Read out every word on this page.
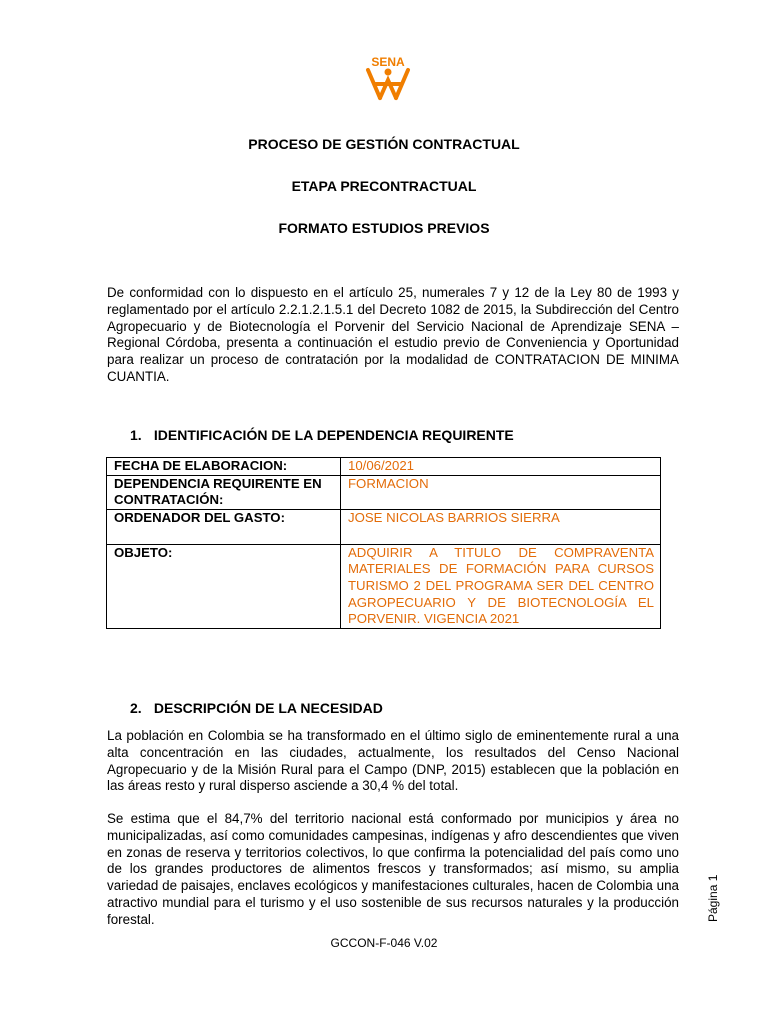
SENA
PROCESO DE GESTIÓN CONTRACTUAL
ETAPA PRECONTRACTUAL
FORMATO ESTUDIOS PREVIOS

De conformidad con lo dispuesto en el artículo 25, numerales 7 y 12 de la Ley 80 de 1993 y reglamentado por el artículo 2.2.1.2.1.5.1 del Decreto 1082 de 2015, la Subdirección del Centro Agropecuario y de Biotecnología el Porvenir del Servicio Nacional de Aprendizaje SENA – Regional Córdoba, presenta a continuación el estudio previo de Conveniencia y Oportunidad para realizar un proceso de contratación por la modalidad de CONTRATACION DE MINIMA CUANTIA.

1. IDENTIFICACIÓN DE LA DEPENDENCIA REQUIRENTE
FECHA DE ELABORACION:	10/06/2021
DEPENDENCIA REQUIRENTE EN CONTRATACIÓN:	FORMACION
ORDENADOR DEL GASTO:	JOSE NICOLAS BARRIOS SIERRA
OBJETO:	ADQUIRIR A TITULO DE COMPRAVENTA MATERIALES DE FORMACIÓN PARA CURSOS TURISMO 2 DEL PROGRAMA SER DEL CENTRO AGROPECUARIO Y DE BIOTECNOLOGÍA EL PORVENIR. VIGENCIA 2021
2. DESCRIPCIÓN DE LA NECESIDAD

La población en Colombia se ha transformado en el último siglo de eminentemente rural a una alta concentración en las ciudades, actualmente, los resultados del Censo Nacional Agropecuario y de la Misión Rural para el Campo (DNP, 2015) establecen que la población en las áreas resto y rural disperso asciende a 30,4 % del total.

Se estima que el 84,7% del territorio nacional está conformado por municipios y área no municipalizadas, así como comunidades campesinas, indígenas y afro descendientes que viven en zonas de reserva y territorios colectivos, lo que confirma la potencialidad del país como uno de los grandes productores de alimentos frescos y transformados; así mismo, su amplia variedad de paisajes, enclaves ecológicos y manifestaciones culturales, hacen de Colombia una atractivo mundial para el turismo y el uso sostenible de sus recursos naturales y la producción forestal.

GCCON-F-046 V.02
Página 1
